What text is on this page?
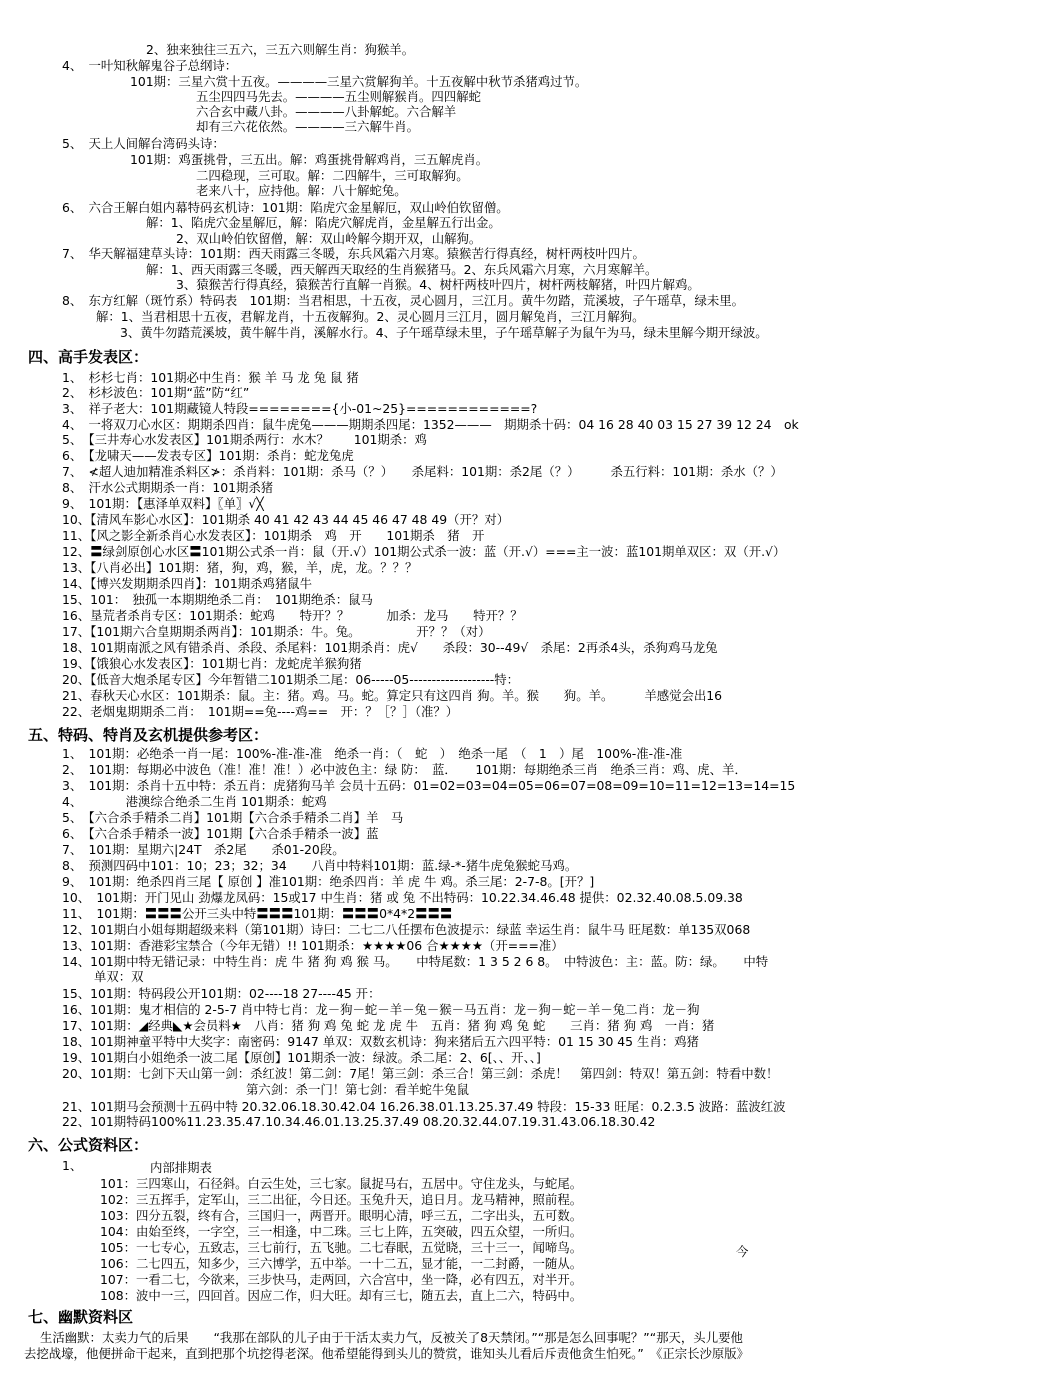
2、独来独往三五六，三五六则解生肖：狗猴羊。
4、　一叶知秋解鬼谷子总纲诗：
101期：三星六赏十五夜。————三星六赏解狗羊。十五夜解中秋节杀猪鸡过节。
五尘四四马先去。————五尘则解猴肖。四四解蛇
六合玄中藏八卦。————八卦解蛇。六合解羊
却有三六花依然。————三六解牛肖。
5、　天上人间解台湾码头诗：
101期：鸡蛋挑骨，三五出。解：鸡蛋挑骨解鸡肖，三五解虎肖。
二四稳现，三可取。解：二四解牛，三可取解狗。
老来八十，应持他。解：八十解蛇兔。
6、　六合王解白姐内幕特码玄机诗：101期：陷虎穴金星解厄，双山岭伯钦留僧。
解：1、陷虎穴金星解厄，解：陷虎穴解虎肖，金星解五行出金。
2、双山岭伯钦留僧，解：双山岭解今期开双，山解狗。
7、　华天解福建草头诗：101期：西天雨露三冬暖，东兵风霜六月寒。猿猴苦行得真经，树杆两枝叶四片。
解：1、西天雨露三冬暖，西天解西天取经的生肖猴猪马。2、东兵风霜六月寒，六月寒解羊。
3、猿猴苦行得真经，猿猴苦行直解一肖猴。4、树杆两枝叶四片，树杆两枝解猪，叶四片解鸡。
8、　东方红解（斑竹系）特码表　101期：当君相思，十五夜，灵心圆月，三江月。黄牛勿踏，荒溪坡，子午瑶草，绿未里。
解：1、当君相思十五夜，君解龙肖，十五夜解狗。2、灵心圆月三江月，圆月解兔肖，三江月解狗。
3、黄牛勿踏荒溪坡，黄牛解牛肖，溪解水行。4、子午瑶草绿未里，子午瑶草解子为鼠午为马，绿未里解今期开绿波。
四、高手发表区：
1、　杉杉七肖：101期必中生肖：猴 羊 马 龙 兔 鼠 猪
2、　杉杉波色：101期“蓝”防“红”
3、　祥子老大：101期藏镜人特段========{小-01~25}============?
4、　一将双刀心水区：期期杀四肖：鼠牛虎兔———期期杀四尾：1352———　期期杀十码：04 16 28 40 03 15 27 39 12 24　ok
5、　【三井寿心水发表区】101期杀两行：水木？　　101期杀：鸡
6、　【龙啸天——发表专区】101期：杀肖：蛇龙兔虎
7、　≮超人迪加精准杀料区≯：杀肖料：101期：杀马（？）　　杀尾料：101期：杀2尾（？）　　　杀五行料：101期：杀水（？）
8、　汗水公式期期杀一肖：101期杀猪
9、　101期：【惠泽单双料】〖单〗√╳
10、【清风车影心水区】：101期杀 40 41 42 43 44 45 46 47 48 49（开？对）
11、【风之影全新杀肖心水发表区】：101期杀　鸡　开　　101期杀　猪　开
12、〓绿剑原创心水区〓101期公式杀一肖：鼠（开.√）101期公式杀一波：蓝（开.√）===主一波：蓝101期单双区：双（开.√）
13、【八肖必出】101期：猪，狗，鸡，猴，羊，虎，龙。？？？
14、【博兴发期期杀四肖】：101期杀鸡猪鼠牛
15、101：　独孤一本期期绝杀二肖：　101期绝杀：鼠马
16、垦荒者杀肖专区：101期杀：蛇鸡　　特开？？　　　加杀：龙马　　特开？？
17、【101期六合皇期期杀两肖】：101期杀：牛。兔。　　　　　开？？（对）
18、101期南派之风有错杀肖、杀段、杀尾料：101期杀肖：虎√　　杀段：30--49√　杀尾：2再杀4头，杀狗鸡马龙兔
19、【饿狼心水发表区】：101期七肖：龙蛇虎羊猴狗猪
20、【低音大炮杀尾专区】今年暂错二101期杀二尾：06-----05-------------------特：
21、春秋天心水区：101期杀：鼠。主：猪。鸡。马。蛇。算定只有这四肖 狗。羊。猴　　狗。羊。　　　羊感觉会出16
22、老烟鬼期期杀二肖：　101期==兔----鸡==　开：？［？］（准？）
五、特码、特肖及玄机提供参考区：
1、　101期：必绝杀一肖一尾：100%-准-准-准　绝杀一肖：（　蛇　）　绝杀一尾　（　1　）尾　100%-准-准-准
2、　101期：每期必中波色（准！准！准！）必中波色主：绿 防：　蓝．　　101期：每期绝杀三肖　绝杀三肖：鸡、虎、羊．
3、　101期：杀肖十五中特：杀五肖：虎猪狗马羊 会员十五码：01=02=03=04=05=06=07=08=09=10=11=12=13=14=15
4、　　　　港澳综合绝杀二生肖 101期杀：蛇鸡
5、　【六合杀手精杀二肖】101期【六合杀手精杀二肖】羊　马
6、　【六合杀手精杀一波】101期【六合杀手精杀一波】蓝
7、　101期：星期六|24T　杀2尾　　杀01-20段。
8、　预测四码中101：10；23；32；34　　八肖中特料101期：蓝.绿-*-猪牛虎兔猴蛇马鸡。
9、　101期：绝杀四肖三尾【 原创 】准101期：绝杀四肖：羊 虎 牛 鸡。杀三尾：2-7-8。[开？]
10、　101期：开门见山 劲爆龙凤码：15或17 中生肖：猪 或 兔 不出特码：10.22.34.46.48 提供：02.32.40.08.5.09.38
11、　101期：〓〓〓公开三头中特〓〓〓101期：〓〓〓0*4*2〓〓〓
12、101期白小姐每期超级来料（第101期）诗曰：二七二八任摆布色波提示：绿蓝 幸运生肖：鼠牛马 旺尾数：单135双068
13、101期：香港彩宝禁合（今年无错）!! 101期杀：★★★★06 合★★★★（开===准）
14、101期中特无错记录：中特生肖：虎 牛 猪 狗 鸡 猴 马。　　中特尾数：1 3 5 2 6 8。　中特波色：主：蓝。防：绿。　　中特
单双：双
15、101期：特码段公开101期：02----18 27----45 开：
16、101期：鬼才相信的 2-5-7 肖中特七肖：龙－狗－蛇－羊－兔－猴－马五肖：龙－狗－蛇－羊－兔二肖：龙－狗
17、101期：◢经典◣★会员料★　八肖：猪 狗 鸡 兔 蛇 龙 虎 牛　五肖：猪 狗 鸡 兔 蛇　　三肖：猪 狗 鸡　一肖：猪
18、101期神童平特中大奖字：南密码：9147 单双：双数玄机诗：狗来猪后五六四平特：01 15 30 45 生肖：鸡猪
19、101期白小姐绝杀一波二尾【原创】101期杀一波：绿波。杀二尾：2、6[、、开、、]
20、101期：七剑下天山第一剑：杀红波！第二剑：7尾！第三剑：杀三合！第三剑：杀虎！　第四剑：特双！第五剑：特看中数！
第六剑：杀一门！第七剑：看羊蛇牛兔鼠
21、101期马会预测十五码中特 20.32.06.18.30.42.04 16.26.38.01.13.25.37.49 特段：15-33 旺尾：0.2.3.5 波路：蓝波红波
22、101期特码100%11.23.35.47.10.34.46.01.13.25.37.49 08.20.32.44.07.19.31.43.06.18.30.42
六、公式资料区：
1、	内部排期表
101：三四寒山，石径斜。白云生处，三七家。鼠捉马右，五居中。守住龙头，与蛇尾。
102：三五挥手，定军山，三二出征，今日还。玉兔升天，追日月。龙马精神，照前程。
103：四分五裂，终有合，三国归一，两晋开。眼明心清，呼三五，二字出头，五可数。
104：由始至终，一字空，三一相逢，中二珠。三七上阵，五突破，四五众望，一所归。
105：一七专心，五致志，三七前行，五飞驰。二七春眠，五觉晓，三十三一，闻啼鸟。	今
106：二七四五，知多少，三六博学，五中举。一十二五，显才能，一二封爵，一随从。
107：一看二七，今欲来，三步快马，走两回，六合宫中，坐一降，必有四五，对半开。
108：波中一三，四回首。因应二作，归大旺。却有三七，随五去，直上二六，特码中。
七、幽默资料区
生活幽默：太卖力气的后果　　“我那在部队的儿子由于干活太卖力气，反被关了8天禁闭。”“那是怎么回事呢？”“那天，头儿要他
去挖战壕，他便拼命干起来，直到把那个坑挖得老深。他希望能得到头儿的赞赏，谁知头儿看后斥责他贪生怕死。”　《正宗长沙原版》
